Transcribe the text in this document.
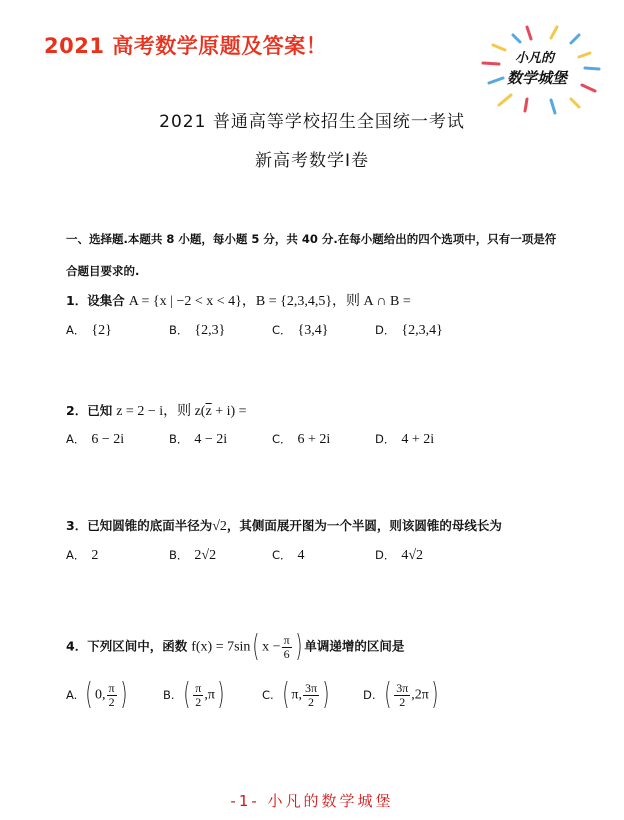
2021 高考数学原题及答案！
小凡的
数学城堡
2021 普通高等学校招生全国统一考试
新高考数学Ⅰ卷
一、选择题.本题共 8 小题，每小题 5 分，共 40 分.在每小题给出的四个选项中，只有一项是符
合题目要求的.
1．设集合 A = {x | −2 < x < 4}，B = {2,3,4,5}，则 A ∩ B =
A． {2}	B． {2,3}	C． {3,4}	D． {2,3,4}
2．已知 z = 2 − i，则 $z(\overline{z} + i)$ =
A． 6 − 2i	B． 4 − 2i	C． 6 + 2i	D． 4 + 2i
3．已知圆锥的底面半径为√2，其侧面展开图为一个半圆，则该圆锥的母线长为
A． 2	B． 2√2	C． 4	D． 4√2
4．下列区间中，函数 f(x) = 7sin( $x - \frac{\pi}{6}$ ) 单调递增的区间是
A. ( 0, $\frac{\pi}{2}$ )	B. ( $\frac{\pi}{2} ,\pi$)	C. ( π, $\frac{3\pi}{2}$ )	D. ( $\frac{3\pi}{2} ,2\pi$)
-1- 小凡的数学城堡
